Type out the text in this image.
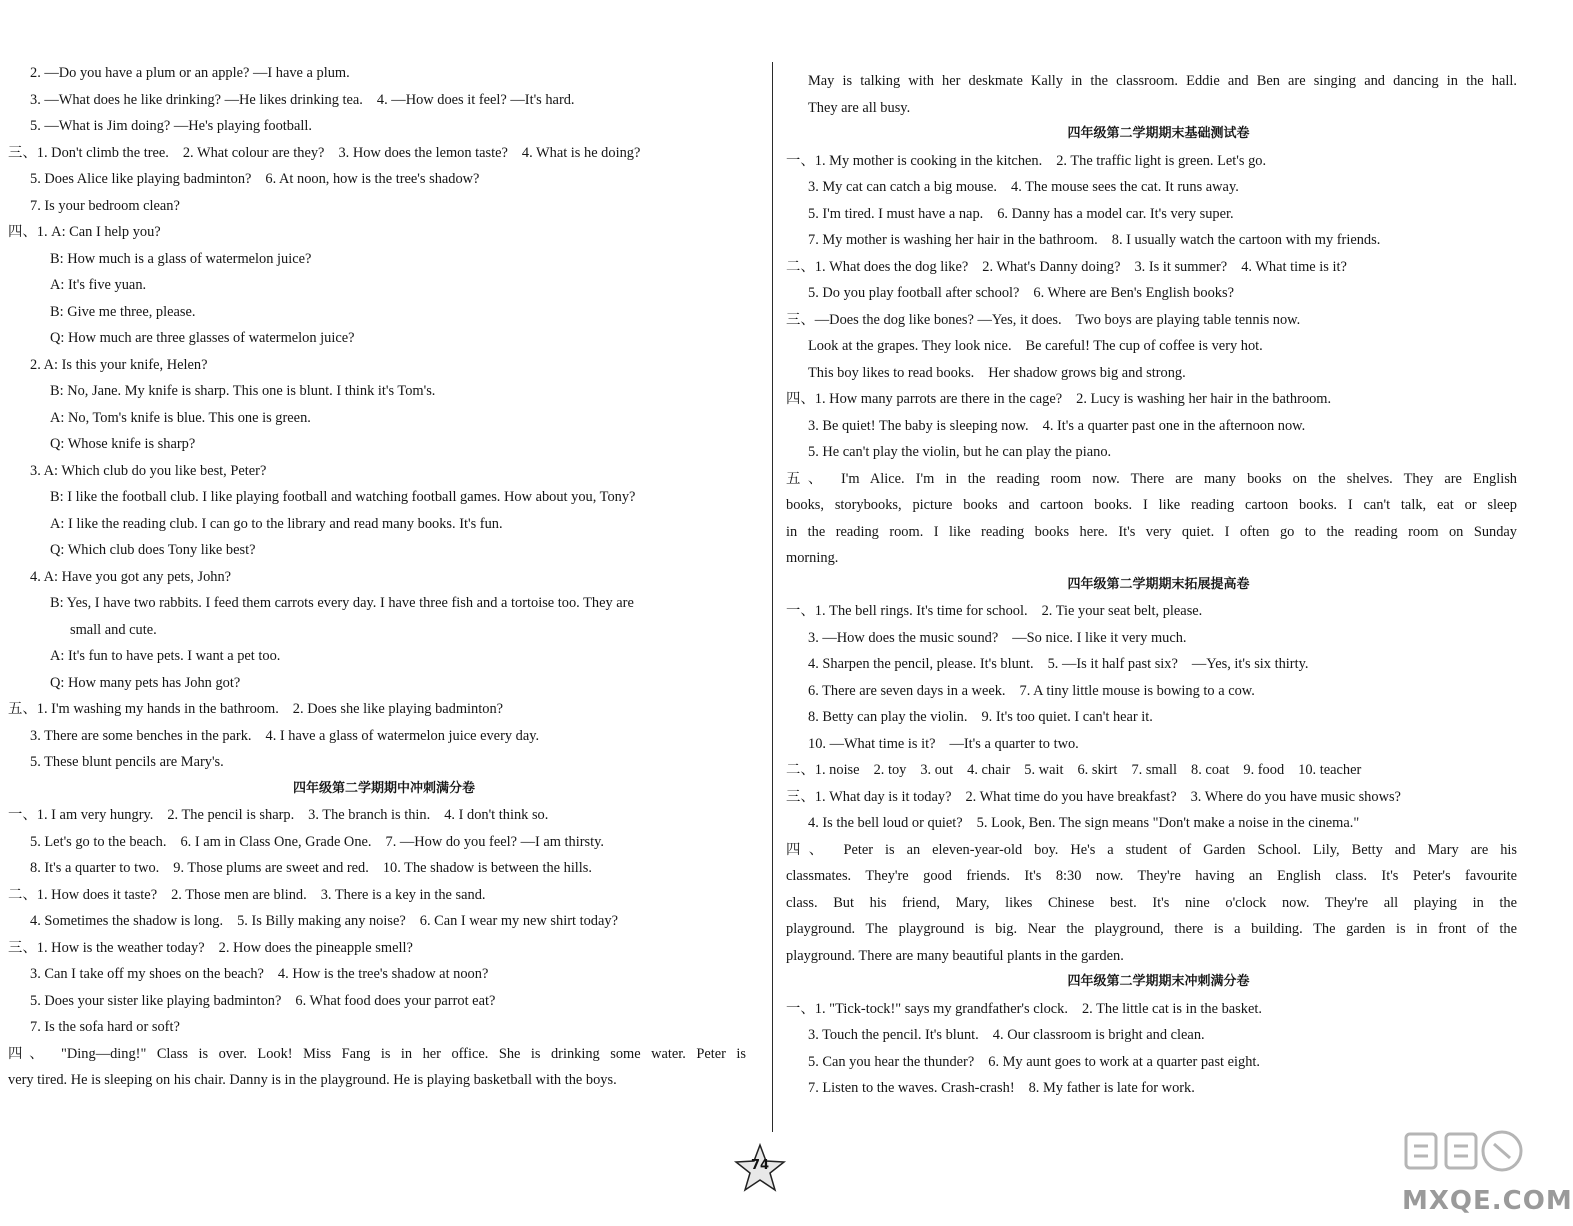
2. —Do you have a plum or an apple? —I have a plum.
3. —What does he like drinking? —He likes drinking tea. 4. —How does it feel? —It's hard.
5. —What is Jim doing? —He's playing football.
三、1. Don't climb the tree. 2. What colour are they? 3. How does the lemon taste? 4. What is he doing?
5. Does Alice like playing badminton? 6. At noon, how is the tree's shadow?
7. Is your bedroom clean?
四、1. A: Can I help you?
B: How much is a glass of watermelon juice?
A: It's five yuan.
B: Give me three, please.
Q: How much are three glasses of watermelon juice?
2. A: Is this your knife, Helen?
B: No, Jane. My knife is sharp. This one is blunt. I think it's Tom's.
A: No, Tom's knife is blue. This one is green.
Q: Whose knife is sharp?
3. A: Which club do you like best, Peter?
B: I like the football club. I like playing football and watching football games. How about you, Tony?
A: I like the reading club. I can go to the library and read many books. It's fun.
Q: Which club does Tony like best?
4. A: Have you got any pets, John?
B: Yes, I have two rabbits. I feed them carrots every day. I have three fish and a tortoise too. They are
small and cute.
A: It's fun to have pets. I want a pet too.
Q: How many pets has John got?
五、1. I'm washing my hands in the bathroom. 2. Does she like playing badminton?
3. There are some benches in the park. 4. I have a glass of watermelon juice every day.
5. These blunt pencils are Mary's.
四年级第二学期期中冲刺满分卷
一、1. I am very hungry. 2. The pencil is sharp. 3. The branch is thin. 4. I don't think so.
5. Let's go to the beach. 6. I am in Class One, Grade One. 7. —How do you feel? —I am thirsty.
8. It's a quarter to two. 9. Those plums are sweet and red. 10. The shadow is between the hills.
二、1. How does it taste? 2. Those men are blind. 3. There is a key in the sand.
4. Sometimes the shadow is long. 5. Is Billy making any noise? 6. Can I wear my new shirt today?
三、1. How is the weather today? 2. How does the pineapple smell?
3. Can I take off my shoes on the beach? 4. How is the tree's shadow at noon?
5. Does your sister like playing badminton? 6. What food does your parrot eat?
7. Is the sofa hard or soft?
四、 "Ding—ding!" Class is over. Look! Miss Fang is in her office. She is drinking some water. Peter is
very tired. He is sleeping on his chair. Danny is in the playground. He is playing basketball with the boys.
May is talking with her deskmate Kally in the classroom. Eddie and Ben are singing and dancing in the hall.
They are all busy.
四年级第二学期期末基础测试卷
一、1. My mother is cooking in the kitchen. 2. The traffic light is green. Let's go.
3. My cat can catch a big mouse. 4. The mouse sees the cat. It runs away.
5. I'm tired. I must have a nap. 6. Danny has a model car. It's very super.
7. My mother is washing her hair in the bathroom. 8. I usually watch the cartoon with my friends.
二、1. What does the dog like? 2. What's Danny doing? 3. Is it summer? 4. What time is it?
5. Do you play football after school? 6. Where are Ben's English books?
三、—Does the dog like bones? —Yes, it does. Two boys are playing table tennis now.
Look at the grapes. They look nice. Be careful! The cup of coffee is very hot.
This boy likes to read books. Her shadow grows big and strong.
四、1. How many parrots are there in the cage? 2. Lucy is washing her hair in the bathroom.
3. Be quiet! The baby is sleeping now. 4. It's a quarter past one in the afternoon now.
5. He can't play the violin, but he can play the piano.
五、 I'm Alice. I'm in the reading room now. There are many books on the shelves. They are English
books, storybooks, picture books and cartoon books. I like reading cartoon books. I can't talk, eat or sleep
in the reading room. I like reading books here. It's very quiet. I often go to the reading room on Sunday
morning.
四年级第二学期期末拓展提高卷
一、1. The bell rings. It's time for school. 2. Tie your seat belt, please.
3. —How does the music sound? —So nice. I like it very much.
4. Sharpen the pencil, please. It's blunt. 5. —Is it half past six? —Yes, it's six thirty.
6. There are seven days in a week. 7. A tiny little mouse is bowing to a cow.
8. Betty can play the violin. 9. It's too quiet. I can't hear it.
10. —What time is it? —It's a quarter to two.
二、1. noise 2. toy 3. out 4. chair 5. wait 6. skirt 7. small 8. coat 9. food 10. teacher
三、1. What day is it today? 2. What time do you have breakfast? 3. Where do you have music shows?
4. Is the bell loud or quiet? 5. Look, Ben. The sign means "Don't make a noise in the cinema."
四、 Peter is an eleven-year-old boy. He's a student of Garden School. Lily, Betty and Mary are his
classmates. They're good friends. It's 8:30 now. They're having an English class. It's Peter's favourite
class. But his friend, Mary, likes Chinese best. It's nine o'clock now. They're all playing in the
playground. The playground is big. Near the playground, there is a building. The garden is in front of the
playground. There are many beautiful plants in the garden.
四年级第二学期期末冲刺满分卷
一、1. "Tick-tock!" says my grandfather's clock. 2. The little cat is in the basket.
3. Touch the pencil. It's blunt. 4. Our classroom is bright and clean.
5. Can you hear the thunder? 6. My aunt goes to work at a quarter past eight.
7. Listen to the waves. Crash-crash! 8. My father is late for work.
74
MXQE.COM
